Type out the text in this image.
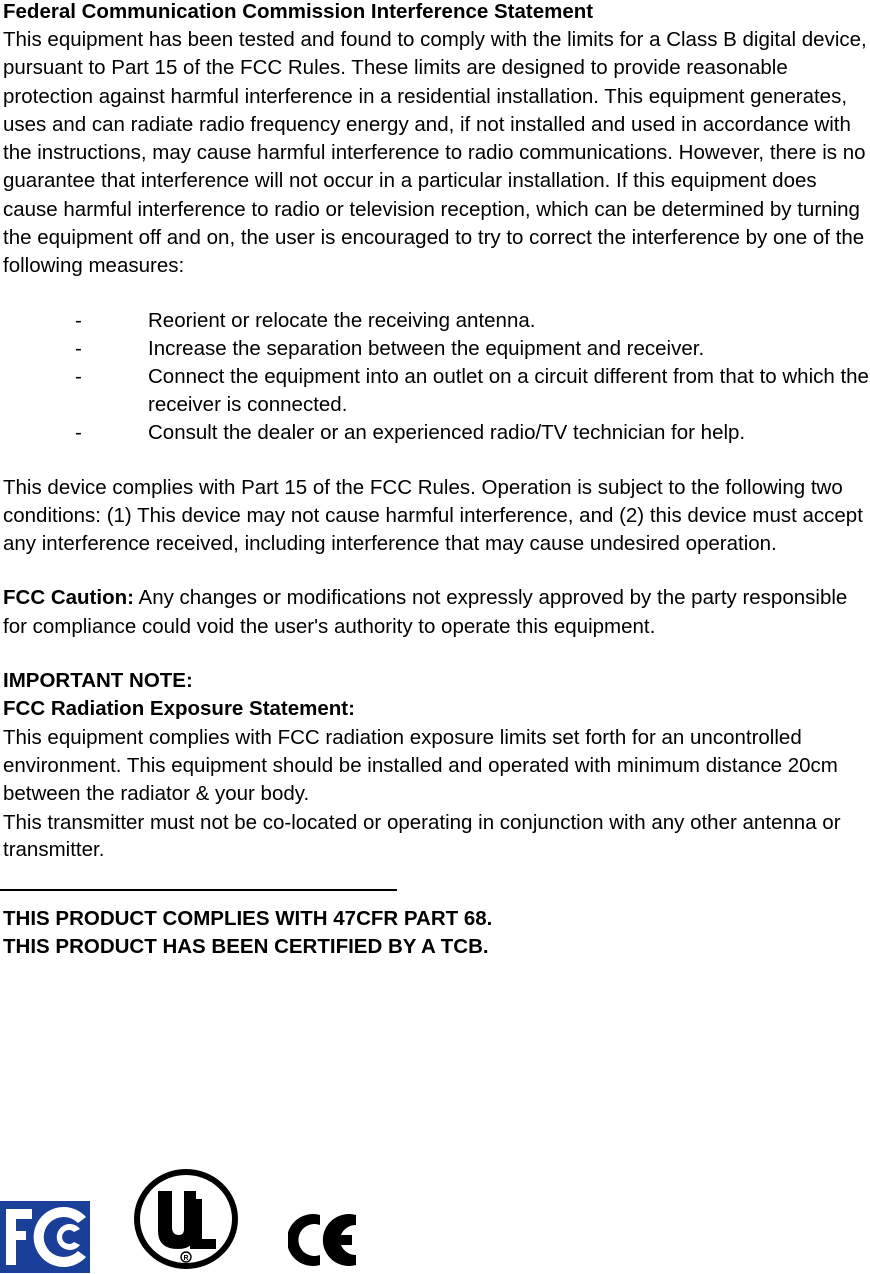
Federal Communication Commission Interference Statement

This equipment has been tested and found to comply with the limits for a Class B digital device, pursuant to Part 15 of the FCC Rules. These limits are designed to provide reasonable protection against harmful interference in a residential installation. This equipment generates, uses and can radiate radio frequency energy and, if not installed and used in accordance with the instructions, may cause harmful interference to radio communications. However, there is no guarantee that interference will not occur in a particular installation. If this equipment does cause harmful interference to radio or television reception, which can be determined by turning the equipment off and on, the user is encouraged to try to correct the interference by one of the following measures:

-	Reorient or relocate the receiving antenna.
-	Increase the separation between the equipment and receiver.
-	Connect the equipment into an outlet on a circuit different from that to which the receiver is connected.
-	Consult the dealer or an experienced radio/TV technician for help.

This device complies with Part 15 of the FCC Rules. Operation is subject to the following two conditions: (1) This device may not cause harmful interference, and (2) this device must accept any interference received, including interference that may cause undesired operation.

FCC Caution: Any changes or modifications not expressly approved by the party responsible for compliance could void the user's authority to operate this equipment.

IMPORTANT NOTE:

FCC Radiation Exposure Statement:

This equipment complies with FCC radiation exposure limits set forth for an uncontrolled environment. This equipment should be installed and operated with minimum distance 20cm between the radiator & your body.

This transmitter must not be co-located or operating in conjunction with any other antenna or transmitter.

THIS PRODUCT COMPLIES WITH 47CFR PART 68.

THIS PRODUCT HAS BEEN CERTIFIED BY A TCB.

R
